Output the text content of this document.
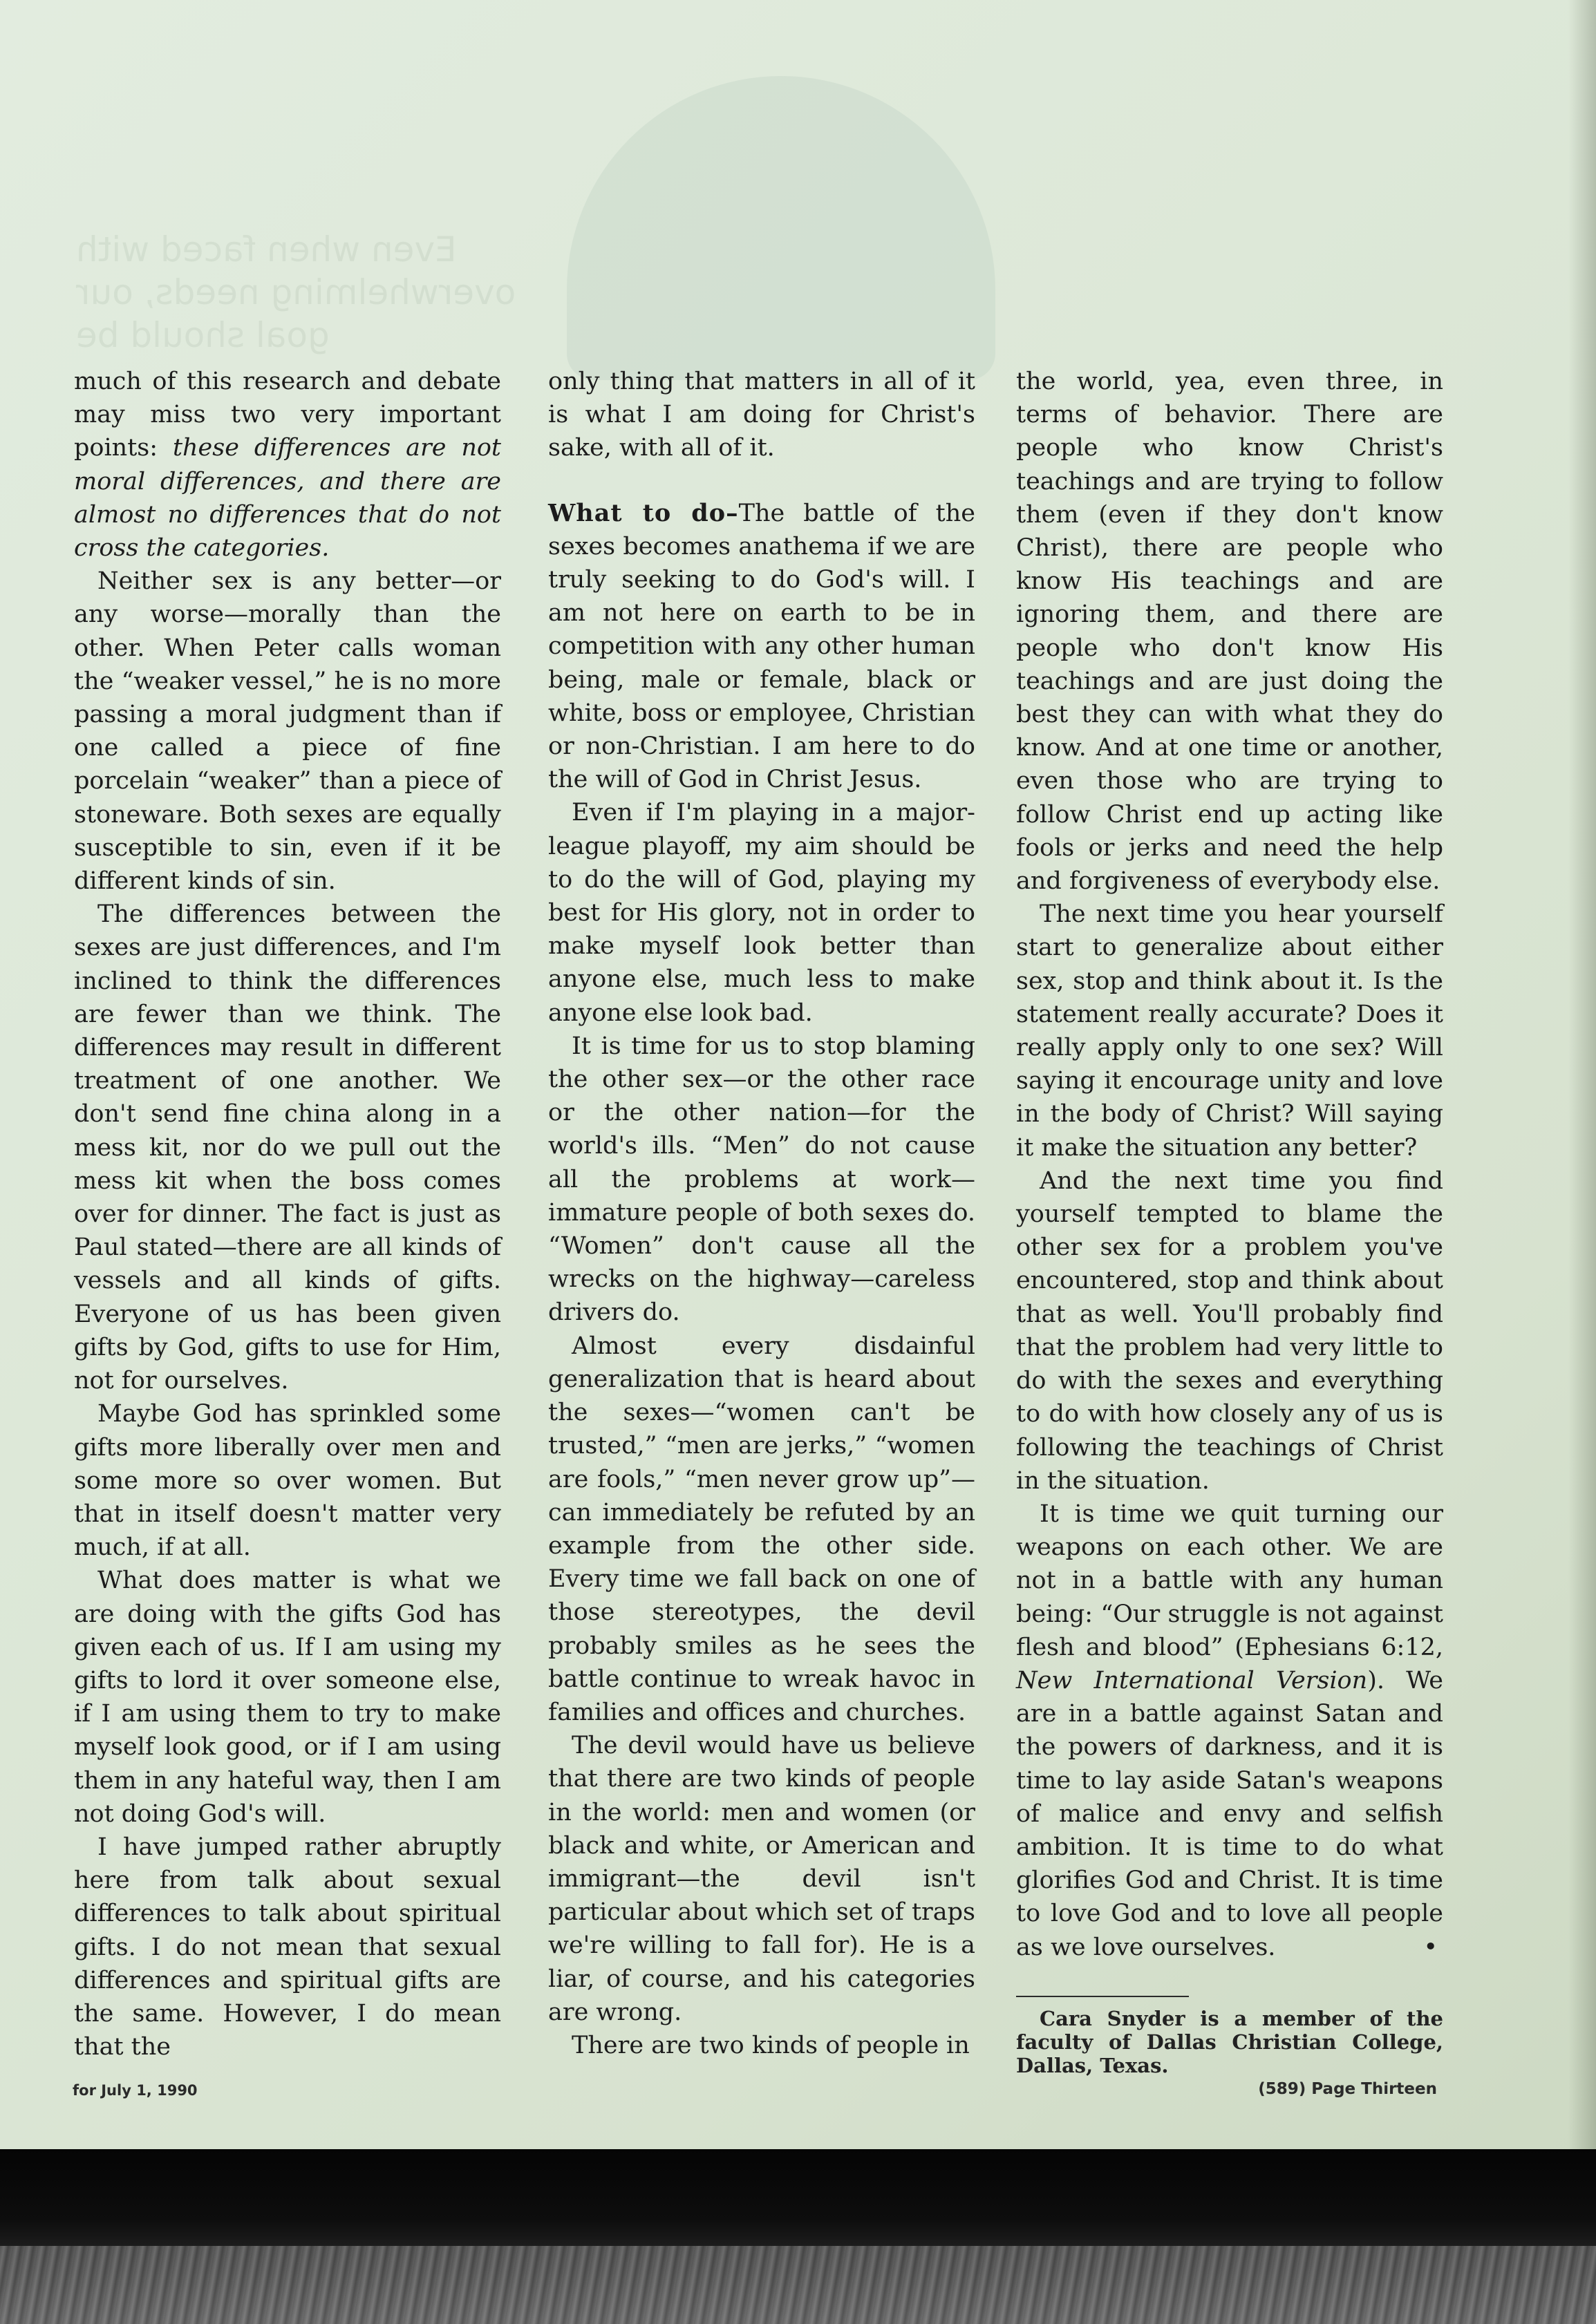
Even when faced with overwhelming needs, our goal should be

much of this research and debate may miss two very important points: these differences are not moral differences, and there are almost no differences that do not cross the categories.

Neither sex is any better—or any worse—morally than the other. When Peter calls woman the “weaker vessel,” he is no more passing a moral judgment than if one called a piece of fine porcelain “weaker” than a piece of stoneware. Both sexes are equally susceptible to sin, even if it be different kinds of sin.

The differences between the sexes are just differences, and I'm inclined to think the differences are fewer than we think. The differences may result in different treatment of one another. We don't send fine china along in a mess kit, nor do we pull out the mess kit when the boss comes over for dinner. The fact is just as Paul stated—there are all kinds of vessels and all kinds of gifts. Everyone of us has been given gifts by God, gifts to use for Him, not for ourselves.

Maybe God has sprinkled some gifts more liberally over men and some more so over women. But that in itself doesn't matter very much, if at all.

What does matter is what we are doing with the gifts God has given each of us. If I am using my gifts to lord it over someone else, if I am using them to try to make myself look good, or if I am using them in any hateful way, then I am not doing God's will.

I have jumped rather abruptly here from talk about sexual differences to talk about spiritual gifts. I do not mean that sexual differences and spiritual gifts are the same. However, I do mean that the

only thing that matters in all of it is what I am doing for Christ's sake, with all of it.

What to do–The battle of the sexes becomes anathema if we are truly seeking to do God's will. I am not here on earth to be in competition with any other human being, male or female, black or white, boss or employee, Christian or non-Christian. I am here to do the will of God in Christ Jesus.

Even if I'm playing in a major-league playoff, my aim should be to do the will of God, playing my best for His glory, not in order to make myself look better than anyone else, much less to make anyone else look bad.

It is time for us to stop blaming the other sex—or the other race or the other nation—for the world's ills. “Men” do not cause all the problems at work—immature people of both sexes do. “Women” don't cause all the wrecks on the highway—careless drivers do.

Almost every disdainful generalization that is heard about the sexes—“women can't be trusted,” “men are jerks,” “women are fools,” “men never grow up”—can immediately be refuted by an example from the other side. Every time we fall back on one of those stereotypes, the devil probably smiles as he sees the battle continue to wreak havoc in families and offices and churches.

The devil would have us believe that there are two kinds of people in the world: men and women (or black and white, or American and immigrant—the devil isn't particular about which set of traps we're willing to fall for). He is a liar, of course, and his categories are wrong.

There are two kinds of people in

the world, yea, even three, in terms of behavior. There are people who know Christ's teachings and are trying to follow them (even if they don't know Christ), there are people who know His teachings and are ignoring them, and there are people who don't know His teachings and are just doing the best they can with what they do know. And at one time or another, even those who are trying to follow Christ end up acting like fools or jerks and need the help and forgiveness of everybody else.

The next time you hear yourself start to generalize about either sex, stop and think about it. Is the statement really accurate? Does it really apply only to one sex? Will saying it encourage unity and love in the body of Christ? Will saying it make the situation any better?

And the next time you find yourself tempted to blame the other sex for a problem you've encountered, stop and think about that as well. You'll probably find that the problem had very little to do with the sexes and everything to do with how closely any of us is following the teachings of Christ in the situation.

It is time we quit turning our weapons on each other. We are not in a battle with any human being: “Our struggle is not against flesh and blood” (Ephesians 6:12, New International Version). We are in a battle against Satan and the powers of darkness, and it is time to lay aside Satan's weapons of malice and envy and selfish ambition. It is time to do what glorifies God and Christ. It is time to love God and to love all people as we love ourselves.	•

Cara Snyder is a member of the faculty of Dallas Christian College, Dallas, Texas.
for July 1, 1990	(589) Page Thirteen
